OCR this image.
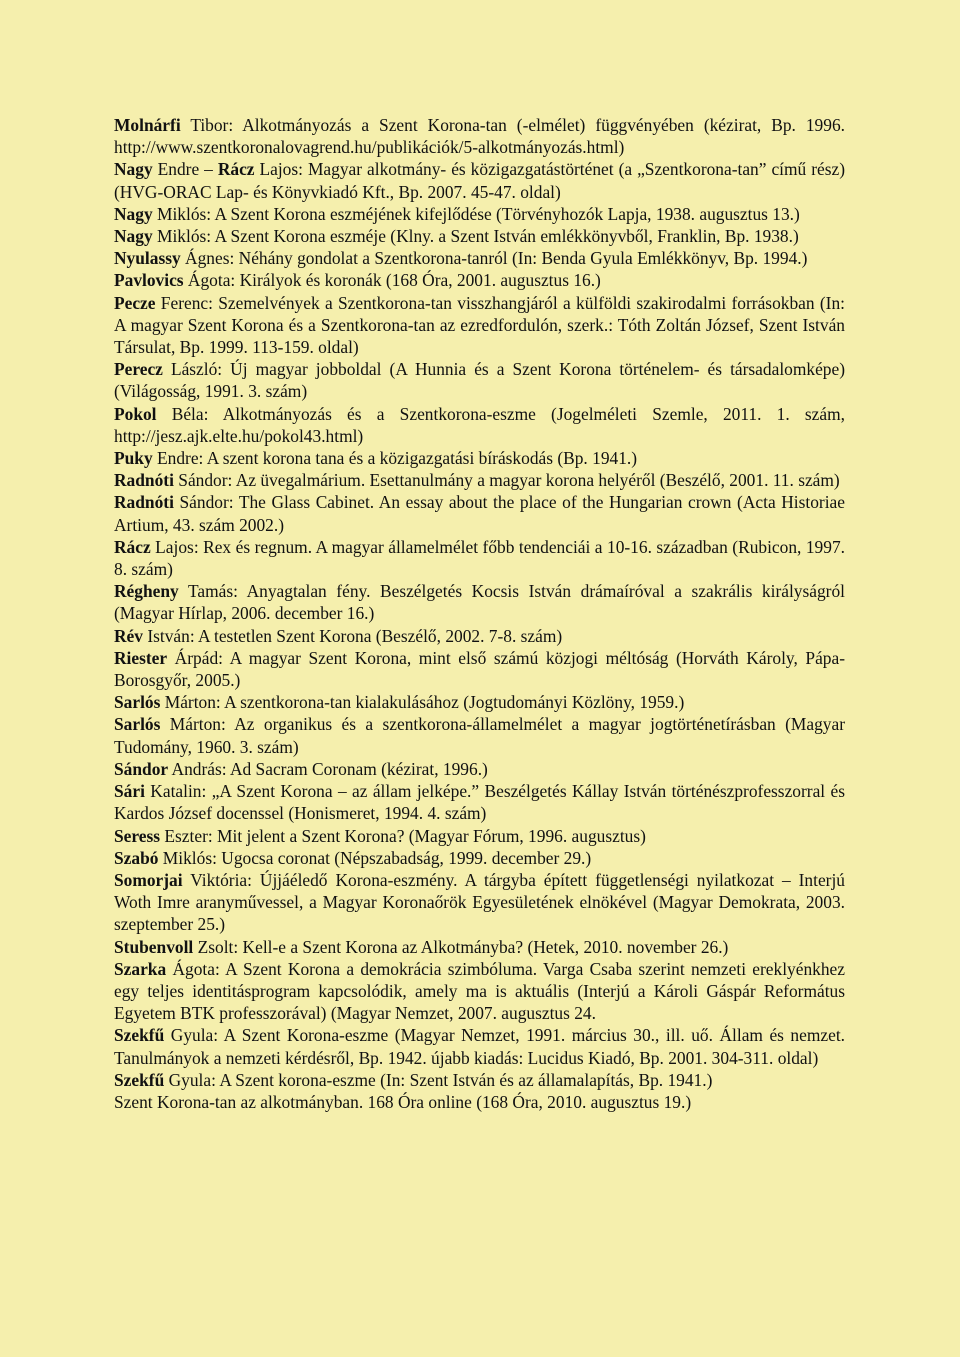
Molnárfi Tibor: Alkotmányozás a Szent Korona-tan (-elmélet) függvényében (kézirat, Bp. 1996. http://www.szentkoronalovagrend.hu/publikációk/5-alkotmányozás.html)

Nagy Endre – Rácz Lajos: Magyar alkotmány- és közigazgatástörténet (a „Szentkorona-tan” című rész) (HVG-ORAC Lap- és Könyvkiadó Kft., Bp. 2007. 45-47. oldal)

Nagy Miklós: A Szent Korona eszméjének kifejlődése (Törvényhozók Lapja, 1938. augusztus 13.)

Nagy Miklós: A Szent Korona eszméje (Klny. a Szent István emlékkönyvből, Franklin, Bp. 1938.)

Nyulassy Ágnes: Néhány gondolat a Szentkorona-tanról (In: Benda Gyula Emlékkönyv, Bp. 1994.)

Pavlovics Ágota: Királyok és koronák (168 Óra, 2001. augusztus 16.)

Pecze Ferenc: Szemelvények a Szentkorona-tan visszhangjáról a külföldi szakirodalmi forrásokban (In: A magyar Szent Korona és a Szentkorona-tan az ezredfordulón, szerk.: Tóth Zoltán József, Szent István Társulat, Bp. 1999. 113-159. oldal)

Perecz László: Új magyar jobboldal (A Hunnia és a Szent Korona történelem- és társadalomképe) (Világosság, 1991. 3. szám)

Pokol Béla: Alkotmányozás és a Szentkorona-eszme (Jogelméleti Szemle, 2011. 1. szám, http://jesz.ajk.elte.hu/pokol43.html)

Puky Endre: A szent korona tana és a közigazgatási bíráskodás (Bp. 1941.)

Radnóti Sándor: Az üvegalmárium. Esettanulmány a magyar korona helyéről (Beszélő, 2001. 11. szám)

Radnóti Sándor: The Glass Cabinet. An essay about the place of the Hungarian crown (Acta Historiae Artium, 43. szám 2002.)

Rácz Lajos: Rex és regnum. A magyar államelmélet főbb tendenciái a 10-16. században (Rubicon, 1997. 8. szám)

Régheny Tamás: Anyagtalan fény. Beszélgetés Kocsis István drámaíróval a szakrális királyságról (Magyar Hírlap, 2006. december 16.)

Rév István: A testetlen Szent Korona (Beszélő, 2002. 7-8. szám)

Riester Árpád: A magyar Szent Korona, mint első számú közjogi méltóság (Horváth Károly, Pápa-Borosgyőr, 2005.)

Sarlós Márton: A szentkorona-tan kialakulásához (Jogtudományi Közlöny, 1959.)

Sarlós Márton: Az organikus és a szentkorona-államelmélet a magyar jogtörténetírásban (Magyar Tudomány, 1960. 3. szám)

Sándor András: Ad Sacram Coronam (kézirat, 1996.)

Sári Katalin: „A Szent Korona – az állam jelképe.” Beszélgetés Kállay István történészprofesszorral és Kardos József docenssel (Honismeret, 1994. 4. szám)

Seress Eszter: Mit jelent a Szent Korona? (Magyar Fórum, 1996. augusztus)

Szabó Miklós: Ugocsa coronat (Népszabadság, 1999. december 29.)

Somorjai Viktória: Újjáéledő Korona-eszmény. A tárgyba épített függetlenségi nyilatkozat – Interjú Woth Imre aranyművessel, a Magyar Koronaőrök Egyesületének elnökével (Magyar Demokrata, 2003. szeptember 25.)

Stubenvoll Zsolt: Kell-e a Szent Korona az Alkotmányba? (Hetek, 2010. november 26.)

Szarka Ágota: A Szent Korona a demokrácia szimbóluma. Varga Csaba szerint nemzeti ereklyénkhez egy teljes identitásprogram kapcsolódik, amely ma is aktuális (Interjú a Károli Gáspár Református Egyetem BTK professzorával) (Magyar Nemzet, 2007. augusztus 24.

Szekfű Gyula: A Szent Korona-eszme (Magyar Nemzet, 1991. március 30., ill. uő. Állam és nemzet. Tanulmányok a nemzeti kérdésről, Bp. 1942. újabb kiadás: Lucidus Kiadó, Bp. 2001. 304-311. oldal)

Szekfű Gyula: A Szent korona-eszme (In: Szent István és az államalapítás, Bp. 1941.)

Szent Korona-tan az alkotmányban. 168 Óra online (168 Óra, 2010. augusztus 19.)
